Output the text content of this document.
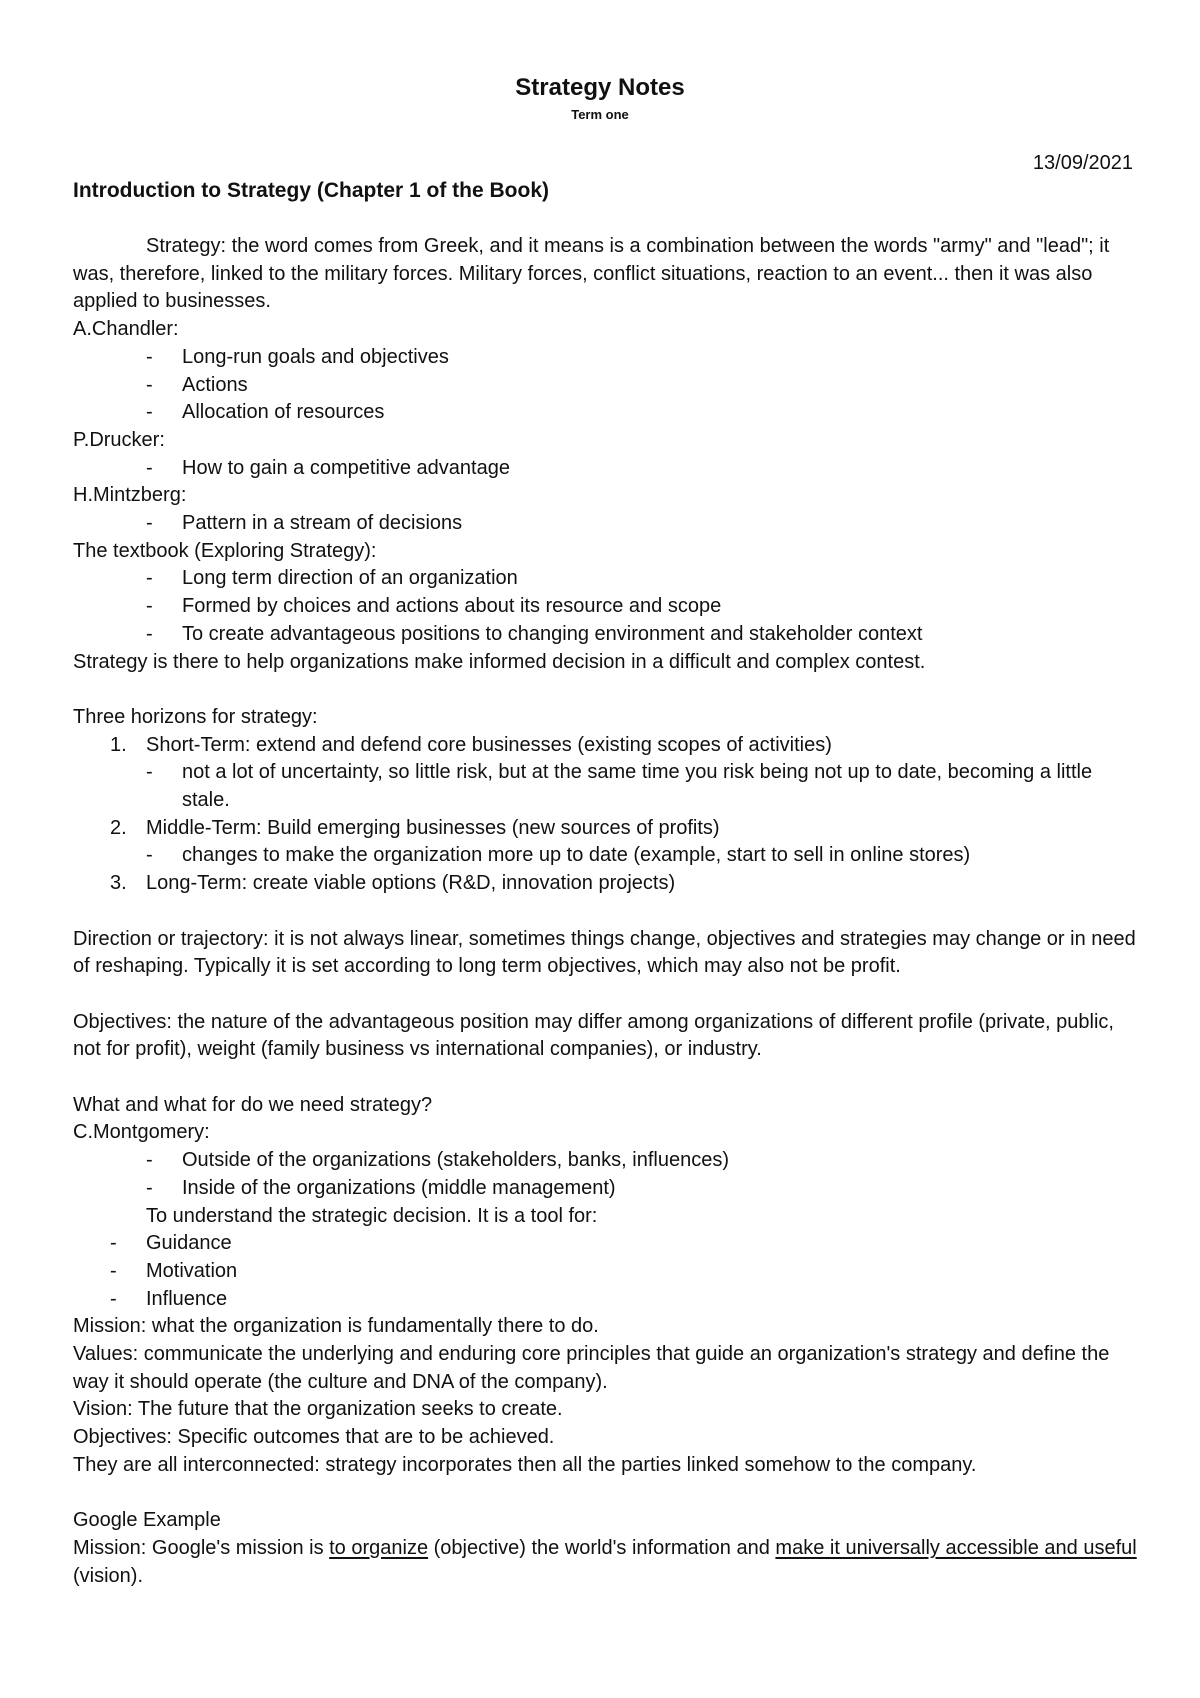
Strategy Notes
Term one
13/09/2021
Introduction to Strategy (Chapter 1 of the Book)

Strategy: the word comes from Greek, and it means is a combination between the words "army" and "lead"; it was, therefore, linked to the military forces. Military forces, conflict situations, reaction to an event... then it was also applied to businesses.

A.Chandler:

- Long-run goals and objectives
- Actions
- Allocation of resources

P.Drucker:

- How to gain a competitive advantage

H.Mintzberg:

- Pattern in a stream of decisions

The textbook (Exploring Strategy):

- Long term direction of an organization
- Formed by choices and actions about its resource and scope
- To create advantageous positions to changing environment and stakeholder context

Strategy is there to help organizations make informed decision in a difficult and complex contest.

Three horizons for strategy:

1. Short-Term: extend and defend core businesses (existing scopes of activities)
- not a lot of uncertainty, so little risk, but at the same time you risk being not up to date, becoming a little stale.
2. Middle-Term: Build emerging businesses (new sources of profits)
- changes to make the organization more up to date (example, start to sell in online stores)
3. Long-Term: create viable options (R&D, innovation projects)

Direction or trajectory: it is not always linear, sometimes things change, objectives and strategies may change or in need of reshaping. Typically it is set according to long term objectives, which may also not be profit.

Objectives: the nature of the advantageous position may differ among organizations of different profile (private, public, not for profit), weight (family business vs international companies), or industry.

What and what for do we need strategy?

C.Montgomery:

- Outside of the organizations (stakeholders, banks, influences)
- Inside of the organizations (middle management)

To understand the strategic decision. It is a tool for:

- Guidance
- Motivation
- Influence

Mission: what the organization is fundamentally there to do.

Values: communicate the underlying and enduring core principles that guide an organization's strategy and define the way it should operate (the culture and DNA of the company).

Vision: The future that the organization seeks to create.

Objectives: Specific outcomes that are to be achieved.

They are all interconnected: strategy incorporates then all the parties linked somehow to the company.

Google Example

Mission: Google's mission is to organize (objective) the world's information and make it universally accessible and useful (vision).
